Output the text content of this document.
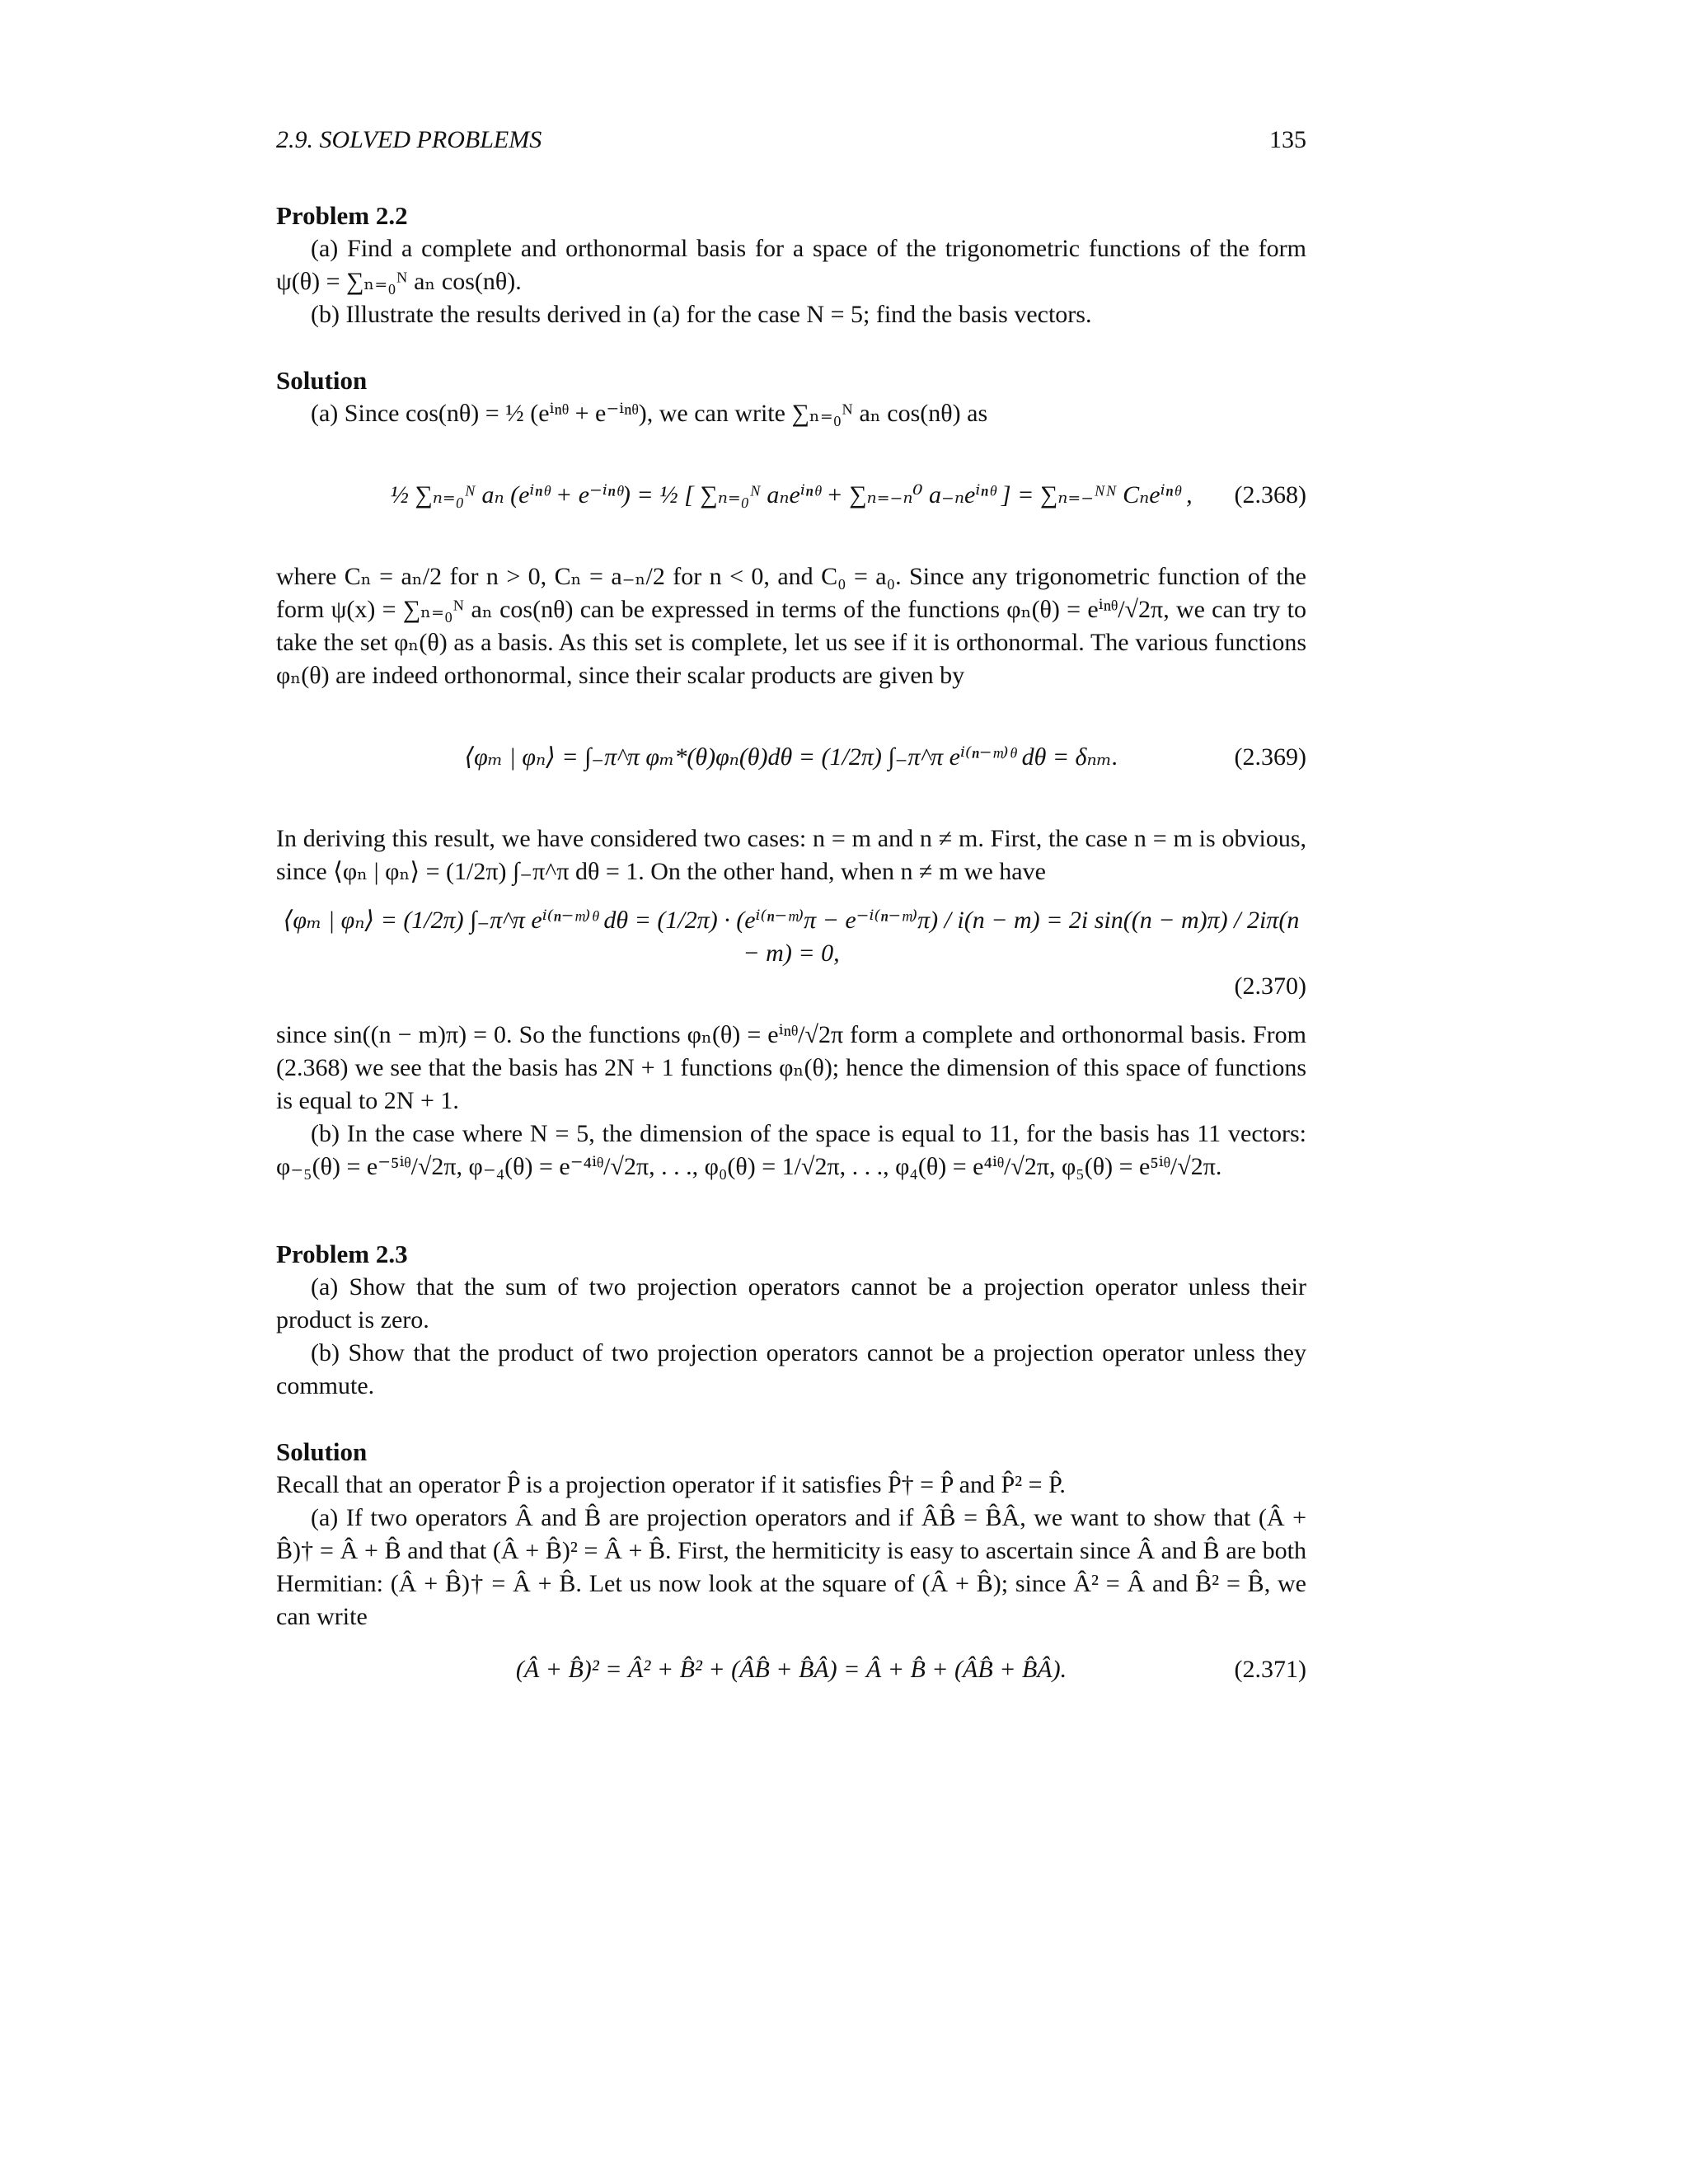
2.9. SOLVED PROBLEMS	135

Problem 2.2

(a) Find a complete and orthonormal basis for a space of the trigonometric functions of the form ψ(θ) = ∑ₙ₌₀ᴺ aₙ cos(nθ).

(b) Illustrate the results derived in (a) for the case N = 5; find the basis vectors.

Solution

(a) Since cos(nθ) = ½ (eⁱⁿᶿ + e⁻ⁱⁿᶿ), we can write ∑ₙ₌₀ᴺ aₙ cos(nθ) as

½ ∑ₙ₌₀ᴺ aₙ (eⁱⁿᶿ + e⁻ⁱⁿᶿ) = ½ [ ∑ₙ₌₀ᴺ aₙeⁱⁿᶿ + ∑ₙ₌₋ₙ⁰ a₋ₙeⁱⁿᶿ ] = ∑ₙ₌₋ᴺᴺ Cₙeⁱⁿᶿ , (2.368)

where Cₙ = aₙ/2 for n > 0, Cₙ = a₋ₙ/2 for n < 0, and C₀ = a₀. Since any trigonometric function of the form ψ(x) = ∑ₙ₌₀ᴺ aₙ cos(nθ) can be expressed in terms of the functions φₙ(θ) = eⁱⁿᶿ/√2π, we can try to take the set φₙ(θ) as a basis. As this set is complete, let us see if it is orthonormal. The various functions φₙ(θ) are indeed orthonormal, since their scalar products are given by

⟨φₘ | φₙ⟩ = ∫₋π^π φₘ*(θ)φₙ(θ)dθ = (1/2π) ∫₋π^π eⁱ⁽ⁿ⁻ᵐ⁾ᶿ dθ = δₙₘ.	(2.369)

In deriving this result, we have considered two cases: n = m and n ≠ m. First, the case n = m is obvious, since ⟨φₙ | φₙ⟩ = (1/2π) ∫₋π^π dθ = 1. On the other hand, when n ≠ m we have

⟨φₘ | φₙ⟩ = (1/2π) ∫₋π^π eⁱ⁽ⁿ⁻ᵐ⁾ᶿ dθ = (1/2π) · (eⁱ⁽ⁿ⁻ᵐ⁾π − e⁻ⁱ⁽ⁿ⁻ᵐ⁾π) / i(n − m) = 2i sin((n − m)π) / 2iπ(n − m) = 0,
(2.370)

since sin((n − m)π) = 0. So the functions φₙ(θ) = eⁱⁿᶿ/√2π form a complete and orthonormal basis. From (2.368) we see that the basis has 2N + 1 functions φₙ(θ); hence the dimension of this space of functions is equal to 2N + 1.

(b) In the case where N = 5, the dimension of the space is equal to 11, for the basis has 11 vectors: φ₋₅(θ) = e⁻⁵ⁱᶿ/√2π, φ₋₄(θ) = e⁻⁴ⁱᶿ/√2π, . . ., φ₀(θ) = 1/√2π, . . ., φ₄(θ) = e⁴ⁱᶿ/√2π, φ₅(θ) = e⁵ⁱᶿ/√2π.

Problem 2.3

(a) Show that the sum of two projection operators cannot be a projection operator unless their product is zero.

(b) Show that the product of two projection operators cannot be a projection operator unless they commute.

Solution

Recall that an operator P̂ is a projection operator if it satisfies P̂† = P̂ and P̂² = P̂.

(a) If two operators Â and B̂ are projection operators and if ÂB̂ = B̂Â, we want to show that (Â + B̂)† = Â + B̂ and that (Â + B̂)² = Â + B̂. First, the hermiticity is easy to ascertain since Â and B̂ are both Hermitian: (Â + B̂)† = Â + B̂. Let us now look at the square of (Â + B̂); since Â² = Â and B̂² = B̂, we can write

(Â + B̂)² = Â² + B̂² + (ÂB̂ + B̂Â) = Â + B̂ + (ÂB̂ + B̂Â).	(2.371)
